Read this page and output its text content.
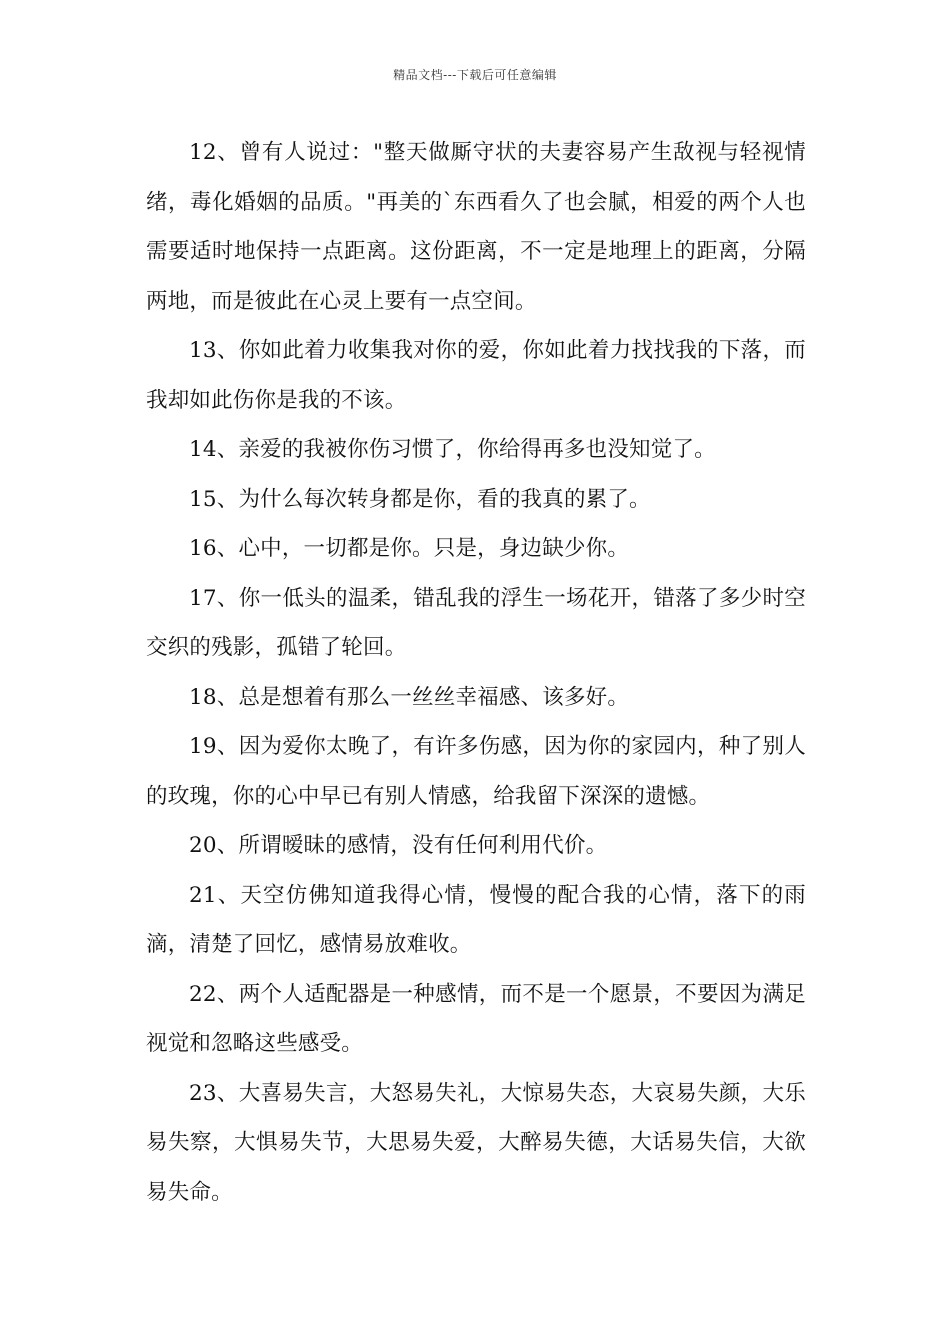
精品文档---下载后可任意编辑

12、曾有人说过："整天做厮守状的夫妻容易产生敌视与轻视情绪，毒化婚姻的品质。"再美的`东西看久了也会腻，相爱的两个人也需要适时地保持一点距离。这份距离，不一定是地理上的距离，分隔两地，而是彼此在心灵上要有一点空间。

13、你如此着力收集我对你的爱，你如此着力找找我的下落，而我却如此伤你是我的不该。

14、亲爱的我被你伤习惯了，你给得再多也没知觉了。

15、为什么每次转身都是你，看的我真的累了。

16、心中，一切都是你。只是，身边缺少你。

17、你一低头的温柔，错乱我的浮生一场花开，错落了多少时空交织的残影，孤错了轮回。

18、总是想着有那么一丝丝幸福感、该多好。

19、因为爱你太晚了，有许多伤感，因为你的家园内，种了别人的玫瑰，你的心中早已有别人情感，给我留下深深的遗憾。

20、所谓暧昧的感情，没有任何利用代价。

21、天空仿佛知道我得心情，慢慢的配合我的心情，落下的雨滴，清楚了回忆，感情易放难收。

22、两个人适配器是一种感情，而不是一个愿景，不要因为满足视觉和忽略这些感受。

23、大喜易失言，大怒易失礼，大惊易失态，大哀易失颜，大乐易失察，大惧易失节，大思易失爱，大醉易失德，大话易失信，大欲易失命。
